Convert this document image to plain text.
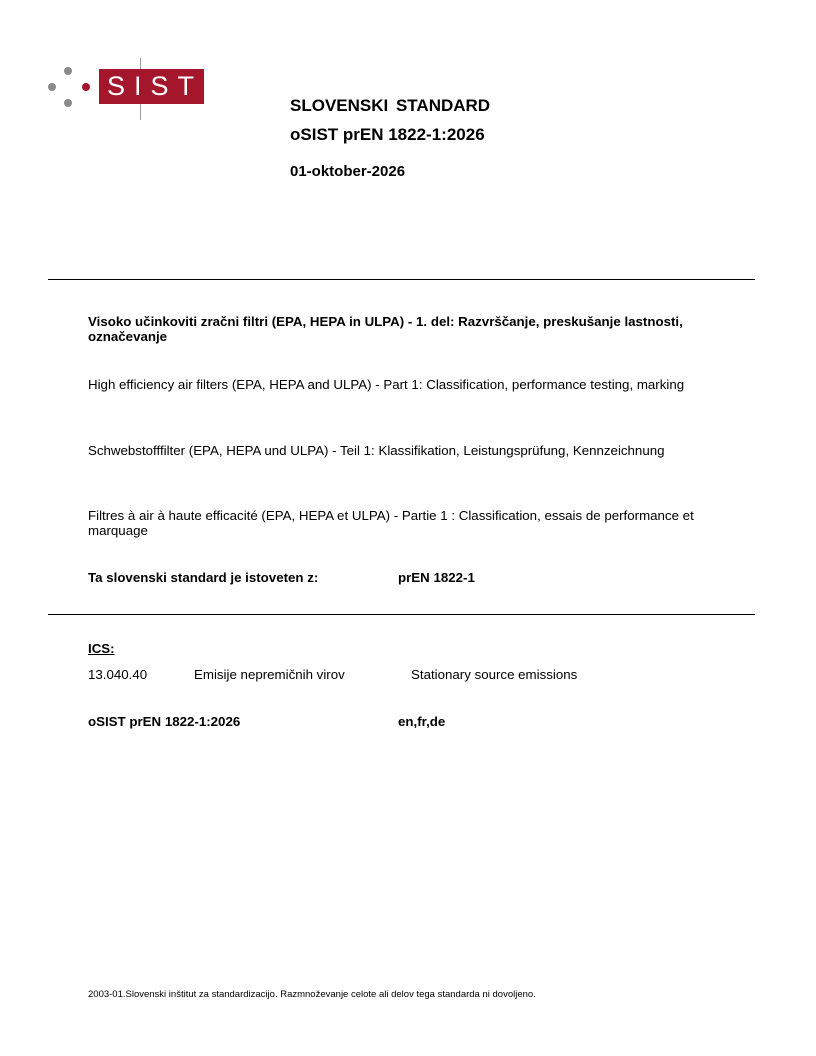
SIST
SLOVENSKI STANDARD
oSIST prEN 1822-1:2026
01-oktober-2026
Visoko učinkoviti zračni filtri (EPA, HEPA in ULPA) - 1. del: Razvrščanje, preskušanje lastnosti, označevanje
High efficiency air filters (EPA, HEPA and ULPA) - Part 1: Classification, performance testing, marking
Schwebstofffilter (EPA, HEPA und ULPA) - Teil 1: Klassifikation, Leistungsprüfung, Kennzeichnung
Filtres à air à haute efficacité (EPA, HEPA et ULPA) - Partie 1 : Classification, essais de performance et marquage
Ta slovenski standard je istoveten z:	prEN 1822-1
ICS:
13.040.40	Emisije nepremičnih virov	Stationary source emissions
oSIST prEN 1822-1:2026	en,fr,de
2003-01.Slovenski inštitut za standardizacijo. Razmnoževanje celote ali delov tega standarda ni dovoljeno.
